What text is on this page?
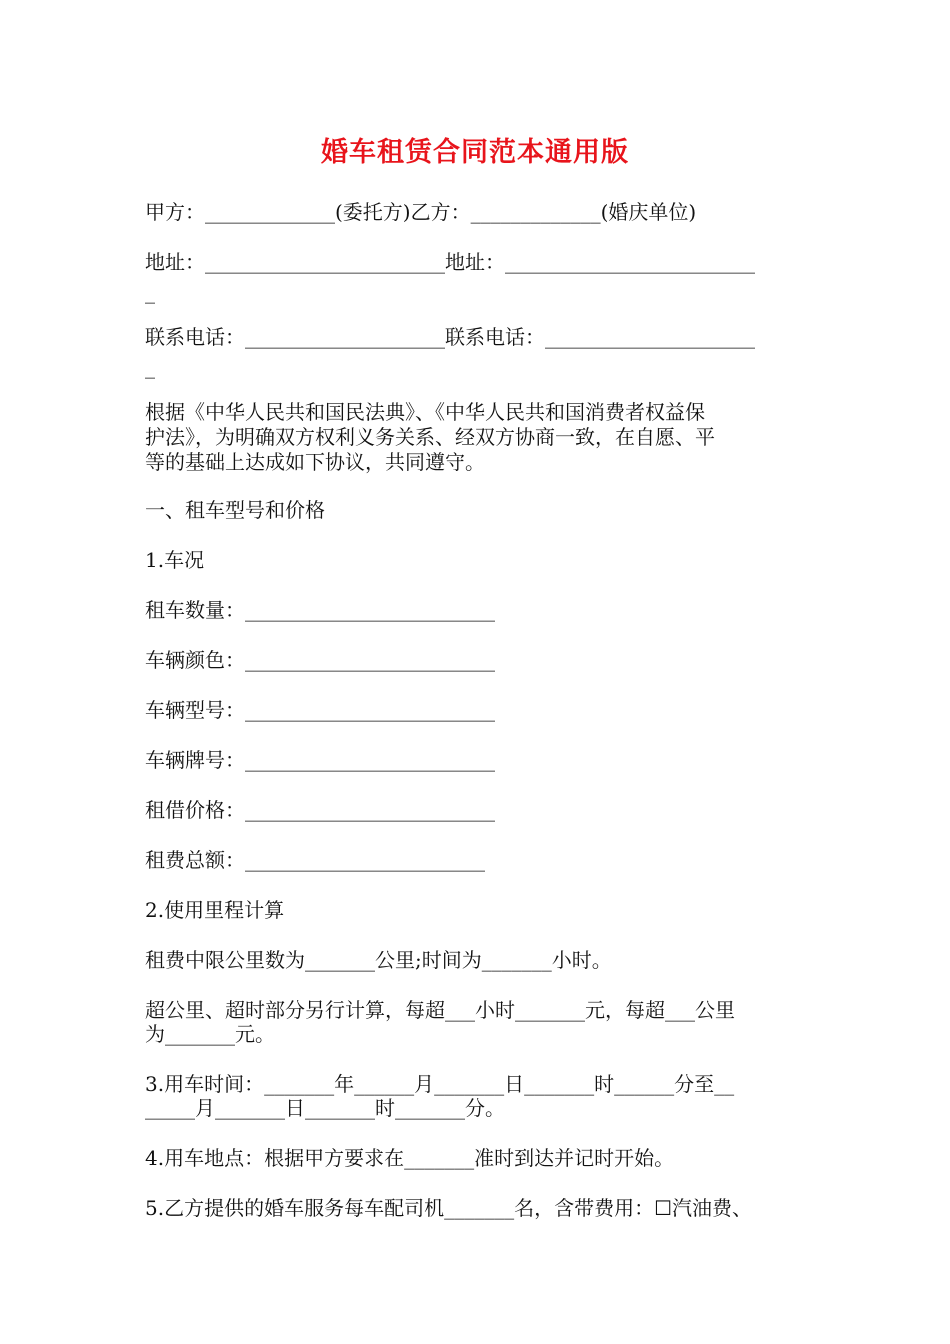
婚车租赁合同范本通用版
甲方：_____________(委托方)乙方：_____________(婚庆单位)
地址：________________________地址：_________________________
_
联系电话：____________________联系电话：_____________________
_
根据《中华人民共和国民法典》、《中华人民共和国消费者权益保
护法》，为明确双方权利义务关系、经双方协商一致，在自愿、平
等的基础上达成如下协议，共同遵守。
一、租车型号和价格
1.车况
租车数量：_________________________
车辆颜色：_________________________
车辆型号：_________________________
车辆牌号：_________________________
租借价格：_________________________
租费总额：________________________
2.使用里程计算
租费中限公里数为_______公里;时间为_______小时。
超公里、超时部分另行计算，每超___小时_______元，每超___公里
为_______元。
3.用车时间：_______年______月_______日_______时______分至__
_____月_______日_______时_______分。
4.用车地点：根据甲方要求在_______准时到达并记时开始。
5.乙方提供的婚车服务每车配司机_______名，含带费用：☐汽油费、
